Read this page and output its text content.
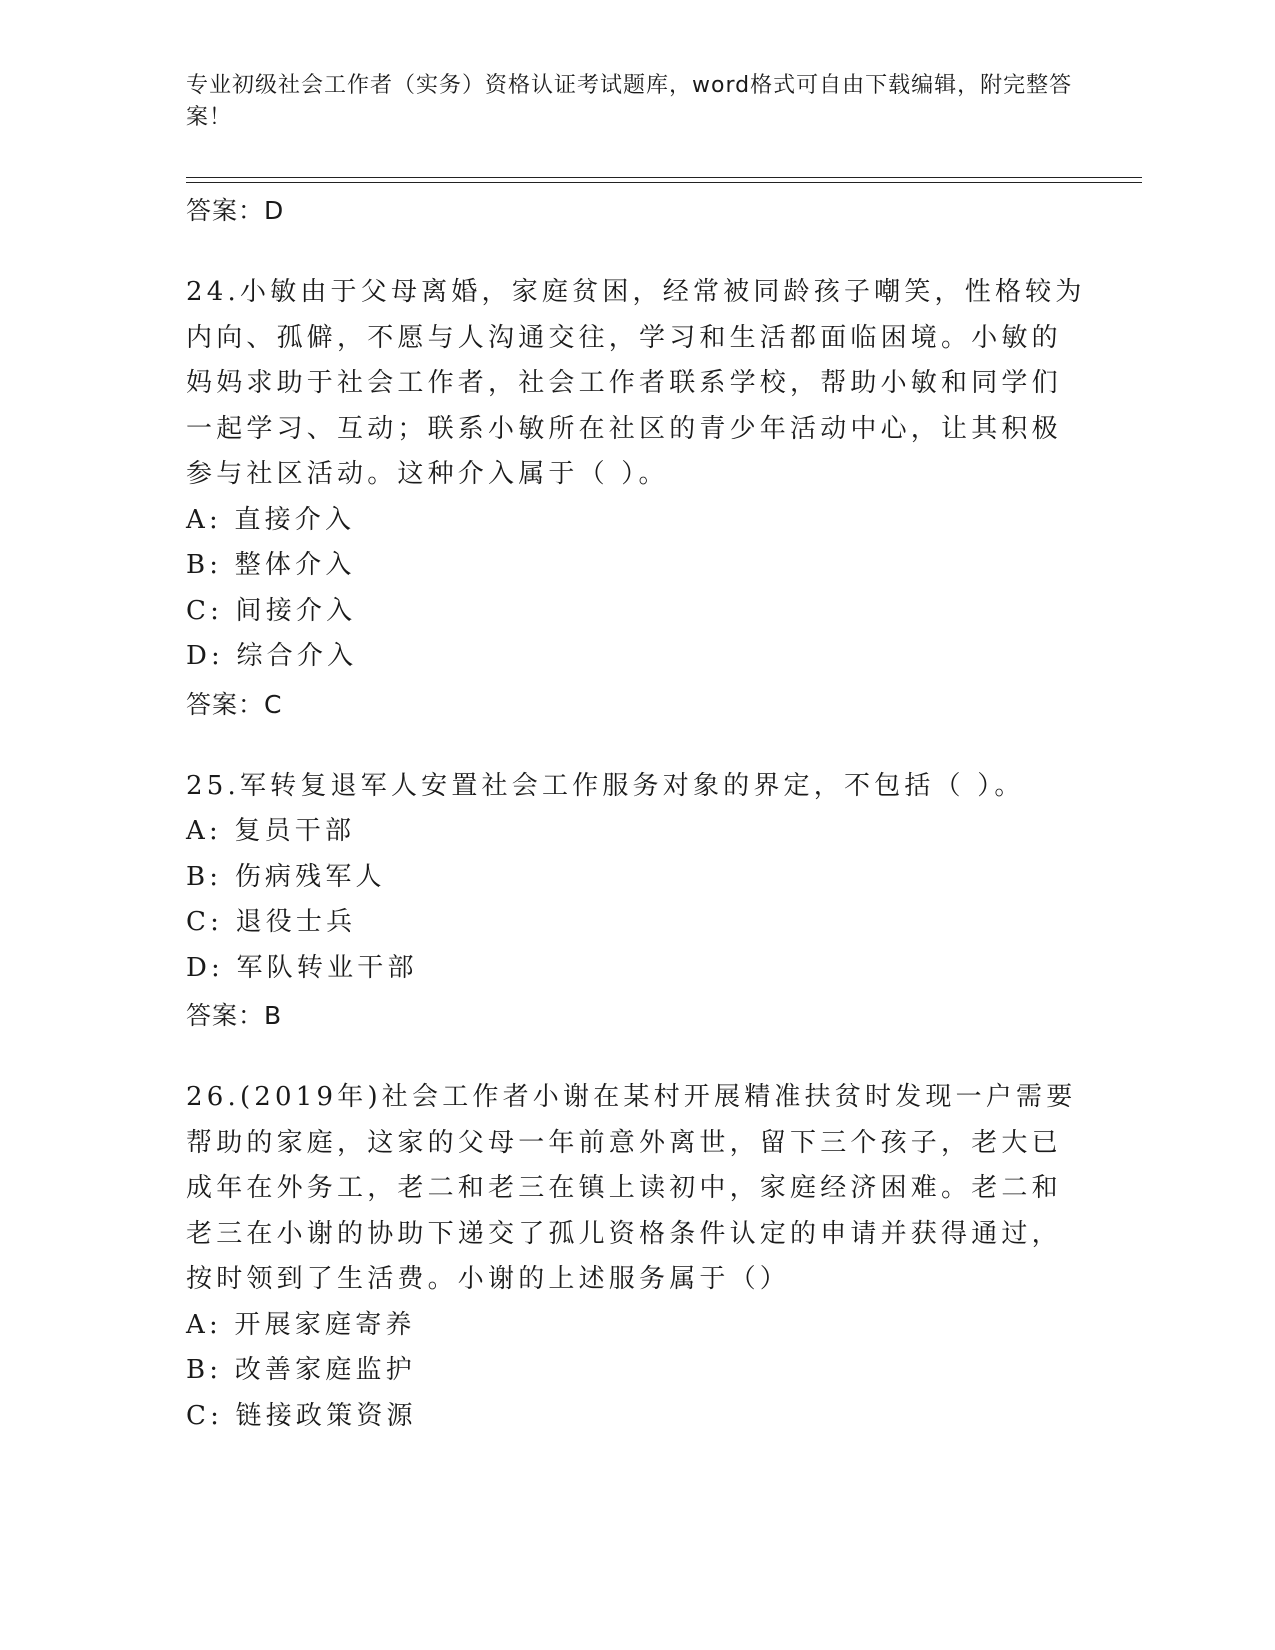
专业初级社会工作者（实务）资格认证考试题库，word格式可自由下载编辑，附完整答案！
答案：D
24.小敏由于父母离婚，家庭贫困，经常被同龄孩子嘲笑，性格较为内向、孤僻，不愿与人沟通交往，学习和生活都面临困境。小敏的妈妈求助于社会工作者，社会工作者联系学校，帮助小敏和同学们一起学习、互动；联系小敏所在社区的青少年活动中心，让其积极参与社区活动。这种介入属于（ ）。
A: 直接介入
B: 整体介入
C: 间接介入
D: 综合介入
答案：C
25.军转复退军人安置社会工作服务对象的界定，不包括（ ）。
A: 复员干部
B: 伤病残军人
C: 退役士兵
D: 军队转业干部
答案：B
26.(2019年)社会工作者小谢在某村开展精准扶贫时发现一户需要帮助的家庭，这家的父母一年前意外离世，留下三个孩子，老大已成年在外务工，老二和老三在镇上读初中，家庭经济困难。老二和老三在小谢的协助下递交了孤儿资格条件认定的申请并获得通过，按时领到了生活费。小谢的上述服务属于（）
A: 开展家庭寄养
B: 改善家庭监护
C: 链接政策资源
